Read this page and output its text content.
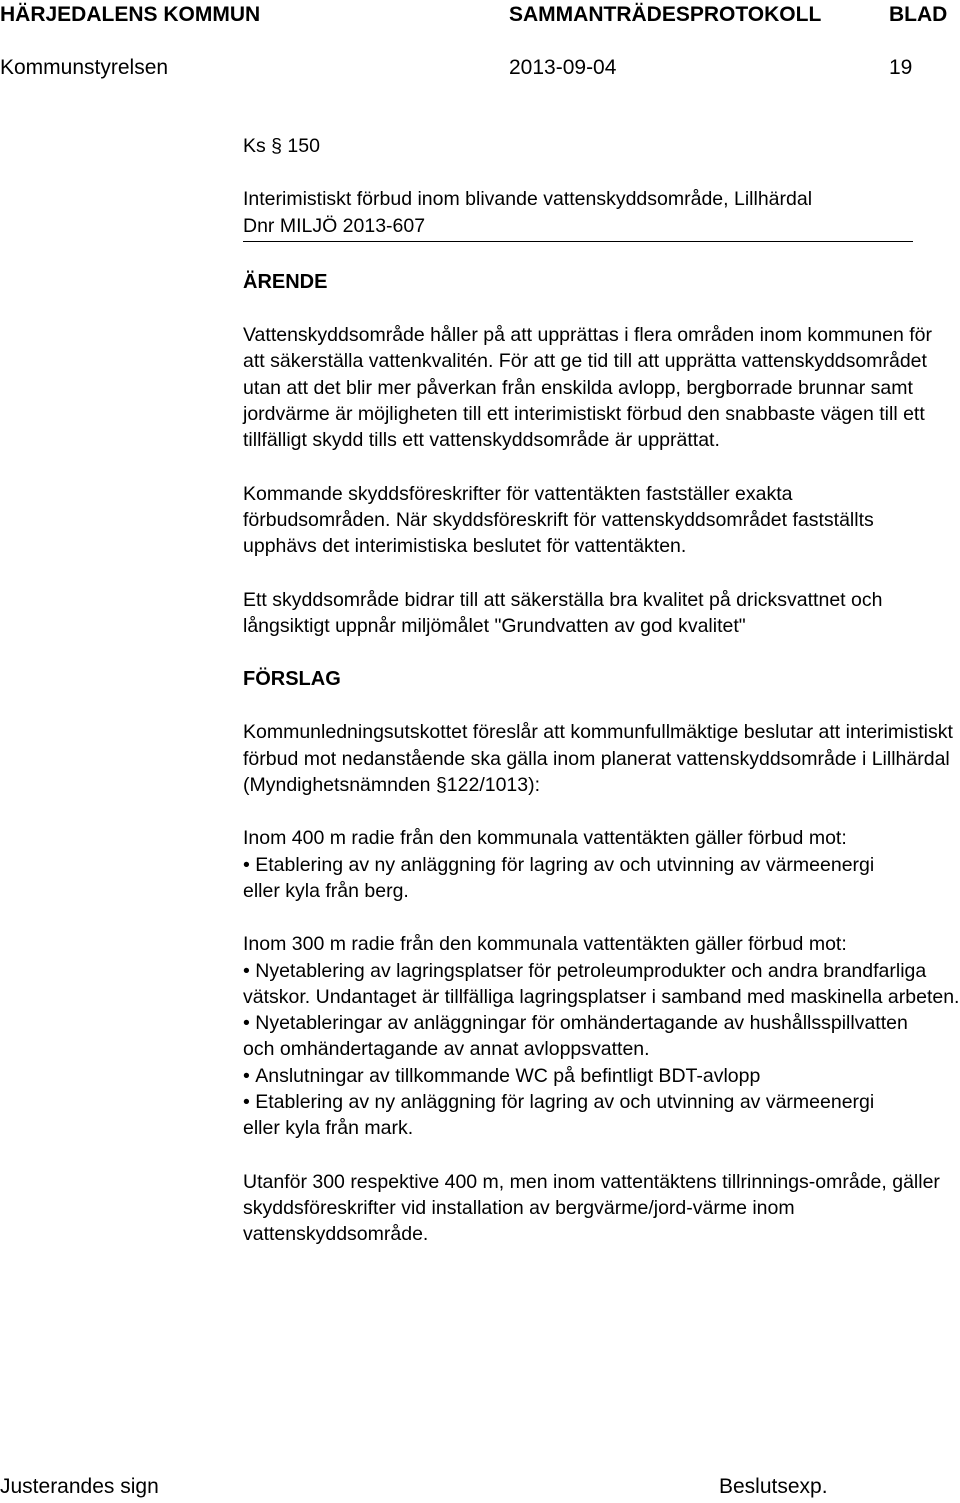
HÄRJEDALENS KOMMUN	SAMMANTRÄDESPROTOKOLL	BLAD
Kommunstyrelsen	2013-09-04	19

Ks § 150

Interimistiskt förbud inom blivande vattenskyddsområde, Lillhärdal

Dnr MILJÖ 2013-607

ÄRENDE

Vattenskyddsområde håller på att upprättas i flera områden inom kommunen för att säkerställa vattenkvalitén. För att ge tid till att upprätta vattenskyddsområdet utan att det blir mer påverkan från enskilda avlopp, bergborrade brunnar samt jordvärme är möjligheten till ett interimistiskt förbud den snabbaste vägen till ett tillfälligt skydd tills ett vattenskyddsområde är upprättat.

Kommande skyddsföreskrifter för vattentäkten fastställer exakta förbudsområden. När skyddsföreskrift för vattenskyddsområdet fastställts upphävs det interimistiska beslutet för vattentäkten.

Ett skyddsområde bidrar till att säkerställa bra kvalitet på dricksvattnet och långsiktigt uppnår miljömålet "Grundvatten av god kvalitet"

FÖRSLAG

Kommunledningsutskottet föreslår att kommunfullmäktige beslutar att interimistiskt förbud mot nedanstående ska gälla inom planerat vattenskyddsområde i Lillhärdal (Myndighetsnämnden §122/1013):

Inom 400 m radie från den kommunala vattentäkten gäller förbud mot:

• Etablering av ny anläggning för lagring av och utvinning av värmeenergi eller kyla från berg.

Inom 300 m radie från den kommunala vattentäkten gäller förbud mot:

• Nyetablering av lagringsplatser för petroleumprodukter och andra brandfarliga vätskor. Undantaget är tillfälliga lagringsplatser i samband med maskinella arbeten.

• Nyetableringar av anläggningar för omhändertagande av hushållsspillvatten och omhändertagande av annat avloppsvatten.

• Anslutningar av tillkommande WC på befintligt BDT-avlopp

• Etablering av ny anläggning för lagring av och utvinning av värmeenergi eller kyla från mark.

Utanför 300 respektive 400 m, men inom vattentäktens tillrinnings-område, gäller skyddsföreskrifter vid installation av bergvärme/jord-värme inom vattenskyddsområde.

Justerandes sign	Beslutsexp.
